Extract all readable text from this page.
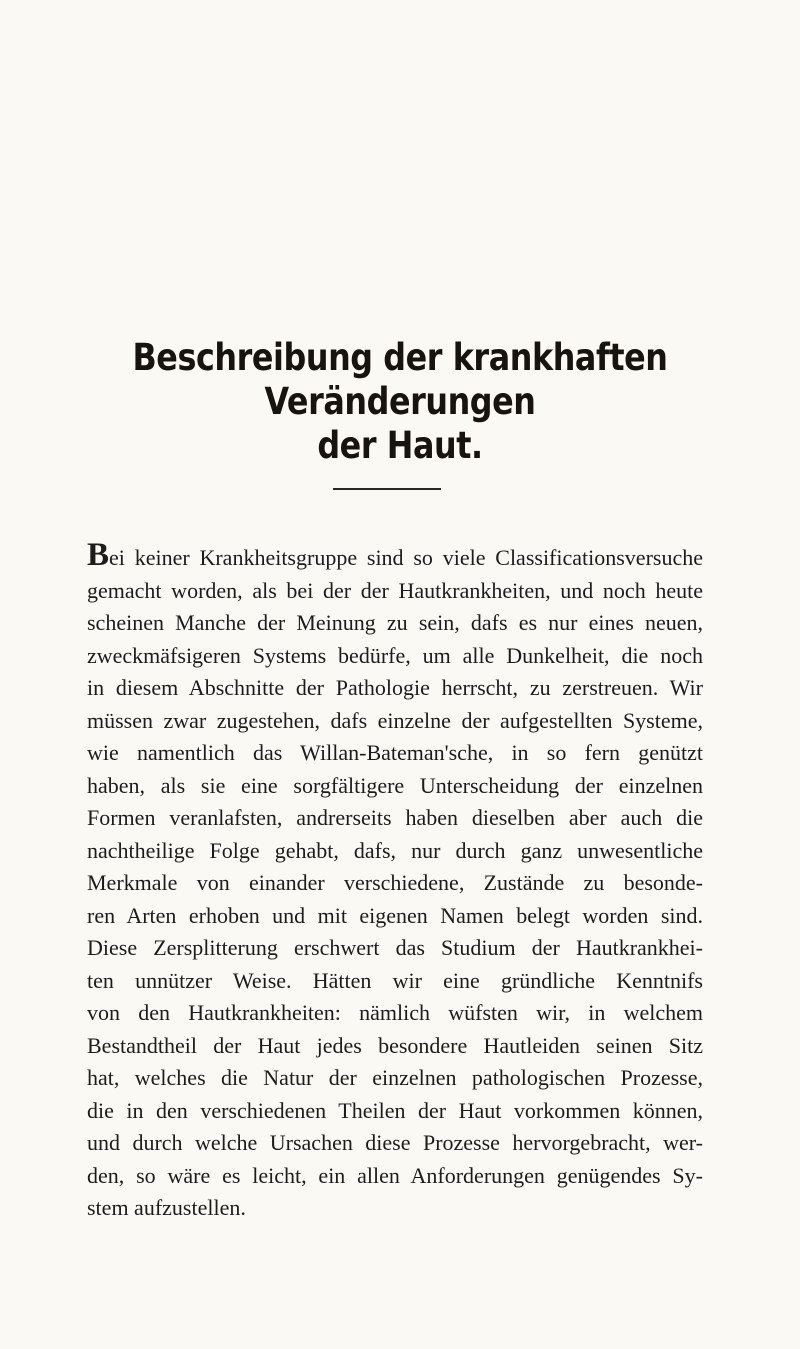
Beschreibung der krankhaften Veränderungen
der Haut.
Bei keiner Krankheitsgruppe sind so viele Classificationsversuche
gemacht worden, als bei der der Hautkrankheiten, und noch heute
scheinen Manche der Meinung zu sein, dafs es nur eines neuen,
zweckmäfsigeren Systems bedürfe, um alle Dunkelheit, die noch
in diesem Abschnitte der Pathologie herrscht, zu zerstreuen. Wir
müssen zwar zugestehen, dafs einzelne der aufgestellten Systeme,
wie namentlich das Willan-Bateman'sche, in so fern genützt
haben, als sie eine sorgfältigere Unterscheidung der einzelnen
Formen veranlafsten, andrerseits haben dieselben aber auch die
nachtheilige Folge gehabt, dafs, nur durch ganz unwesentliche
Merkmale von einander verschiedene, Zustände zu besonde-
ren Arten erhoben und mit eigenen Namen belegt worden sind.
Diese Zersplitterung erschwert das Studium der Hautkrankhei-
ten unnützer Weise. Hätten wir eine gründliche Kenntnifs
von den Hautkrankheiten: nämlich wüfsten wir, in welchem
Bestandtheil der Haut jedes besondere Hautleiden seinen Sitz
hat, welches die Natur der einzelnen pathologischen Prozesse,
die in den verschiedenen Theilen der Haut vorkommen können,
und durch welche Ursachen diese Prozesse hervorgebracht, wer-
den, so wäre es leicht, ein allen Anforderungen genügendes Sy-
stem aufzustellen.
